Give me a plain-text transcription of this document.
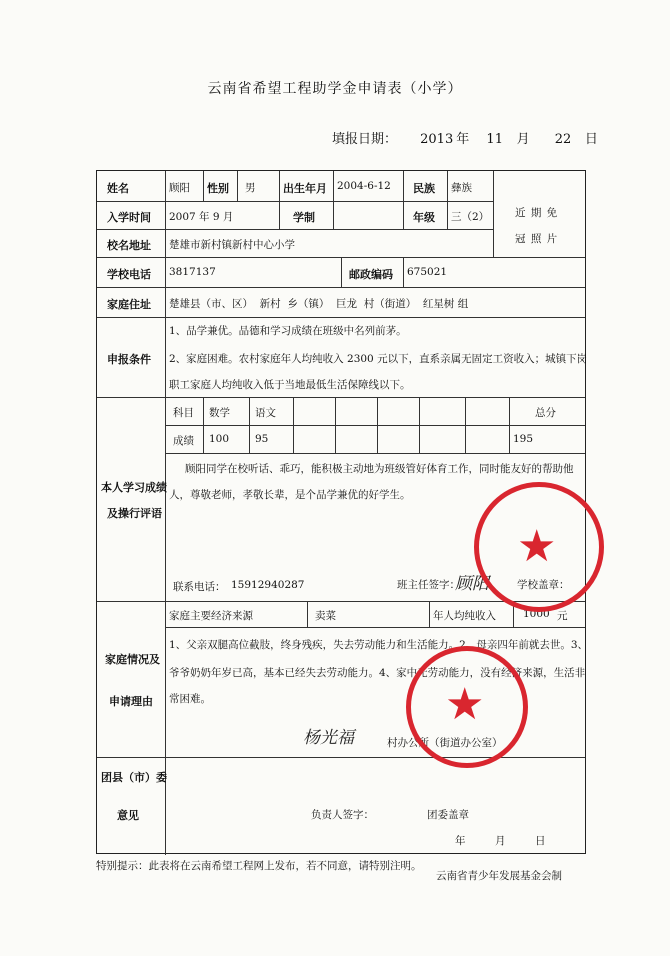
云南省希望工程助学金申请表（小学）
填报日期： 2013 年 11 月 22 日
姓名	顾阳 性别 男	出生年月 2004-6-12 民族 彝族
近 期 免
冠 照 片
入学时间 2007 年 9 月	学制	年级 三（2）
校名地址 楚雄市新村镇新村中心小学
学校电话 3817137	邮政编码 675021
家庭住址 楚雄县（市、区）  新村  乡（镇）  巨龙  村（街道）  红星树 组
申报条件
1、品学兼优。品德和学习成绩在班级中名列前茅。
2、家庭困难。农村家庭年人均纯收入 2300 元以下，直系亲属无固定工资收入；城镇下岗
职工家庭人均纯收入低于当地最低生活保障线以下。
本人学习成绩
及操行评语
科目 数学 语文	总分
成绩 100 95	195
顾阳同学在校听话、乖巧，能积极主动地为班级管好体育工作，同时能友好的帮助他
人，尊敬老师，孝敬长辈，是个品学兼优的好学生。
联系电话： 15912940287	班主任签字：
顾阳	学校盖章：
家庭情况及
申请理由
家庭主要经济来源	卖菜	年人均纯收入	1000 元
1、父亲双腿高位截肢，终身残疾，失去劳动能力和生活能力。2、母亲四年前就去世。3、
爷爷奶奶年岁已高，基本已经失去劳动能力。4、家中无劳动能力，没有经济来源，生活非
常困难。
杨光福	村办公所（街道办公室）
团县（市）委
意见	负责人签字：	团委盖章
年	月	日
★
★
特别提示：此表将在云南希望工程网上发布，若不同意，请特别注明。
云南省青少年发展基金会制
